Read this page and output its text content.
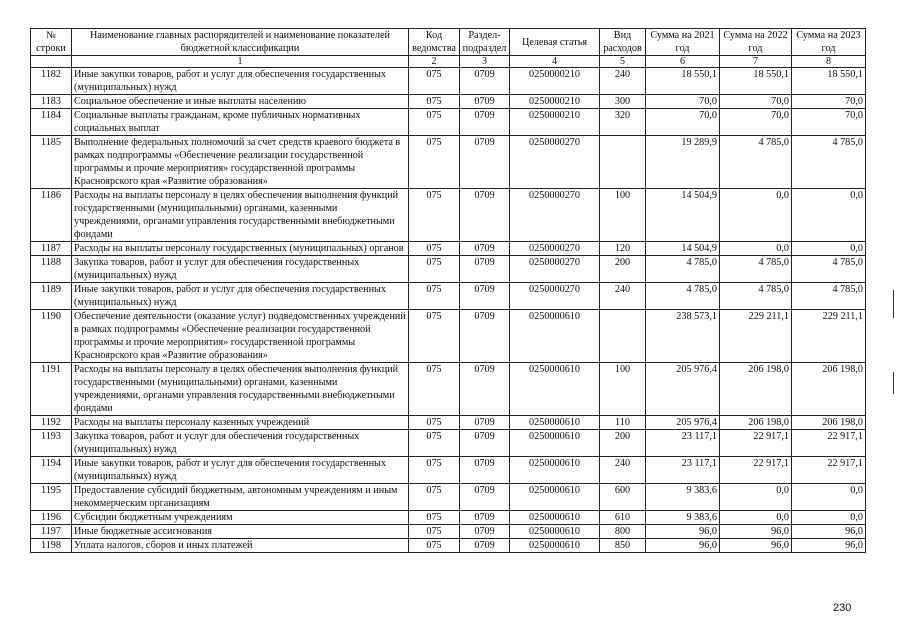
№ строки	Наименование главных распорядителей и наименование показателей бюджетной классификации	Код ведомства	Раздел-подраздел	Целевая статья	Вид расходов	Сумма на 2021 год	Сумма на 2022 год	Сумма на 2023 год
	1	2	3	4	5	6	7	8
1182	Иные закупки товаров, работ и услуг для обеспечения государственных (муниципальных) нужд	075	0709	0250000210	240	18 550,1	18 550,1	18 550,1
1183	Социальное обеспечение и иные выплаты населению	075	0709	0250000210	300	70,0	70,0	70,0
1184	Социальные выплаты гражданам, кроме публичных нормативных социальных выплат	075	0709	0250000210	320	70,0	70,0	70,0
1185	Выполнение федеральных полномочий за счет средств краевого бюджета в рамках подпрограммы «Обеспечение реализации государственной программы и прочие мероприятия» государственной программы Красноярского края «Развитие образования»	075	0709	0250000270		19 289,9	4 785,0	4 785,0
1186	Расходы на выплаты персоналу в целях обеспечения выполнения функций государственными (муниципальными) органами, казенными учреждениями, органами управления государственными внебюджетными фондами	075	0709	0250000270	100	14 504,9	0,0	0,0
1187	Расходы на выплаты персоналу государственных (муниципальных) органов	075	0709	0250000270	120	14 504,9	0,0	0,0
1188	Закупка товаров, работ и услуг для обеспечения государственных (муниципальных) нужд	075	0709	0250000270	200	4 785,0	4 785,0	4 785,0
1189	Иные закупки товаров, работ и услуг для обеспечения государственных (муниципальных) нужд	075	0709	0250000270	240	4 785,0	4 785,0	4 785,0
1190	Обеспечение деятельности (оказание услуг) подведомственных учреждений в рамках подпрограммы «Обеспечение реализации государственной программы и прочие мероприятия» государственной программы Красноярского края «Развитие образования»	075	0709	0250000610		238 573,1	229 211,1	229 211,1
1191	Расходы на выплаты персоналу в целях обеспечения выполнения функций государственными (муниципальными) органами, казенными учреждениями, органами управления государственными внебюджетными фондами	075	0709	0250000610	100	205 976,4	206 198,0	206 198,0
1192	Расходы на выплаты персоналу казенных учреждений	075	0709	0250000610	110	205 976,4	206 198,0	206 198,0
1193	Закупка товаров, работ и услуг для обеспечения государственных (муниципальных) нужд	075	0709	0250000610	200	23 117,1	22 917,1	22 917,1
1194	Иные закупки товаров, работ и услуг для обеспечения государственных (муниципальных) нужд	075	0709	0250000610	240	23 117,1	22 917,1	22 917,1
1195	Предоставление субсидий бюджетным, автономным учреждениям и иным некоммерческим организациям	075	0709	0250000610	600	9 383,6	0,0	0,0
1196	Субсидии бюджетным учреждениям	075	0709	0250000610	610	9 383,6	0,0	0,0
1197	Иные бюджетные ассигнования	075	0709	0250000610	800	96,0	96,0	96,0
1198	Уплата налогов, сборов и иных платежей	075	0709	0250000610	850	96,0	96,0	96,0
230
